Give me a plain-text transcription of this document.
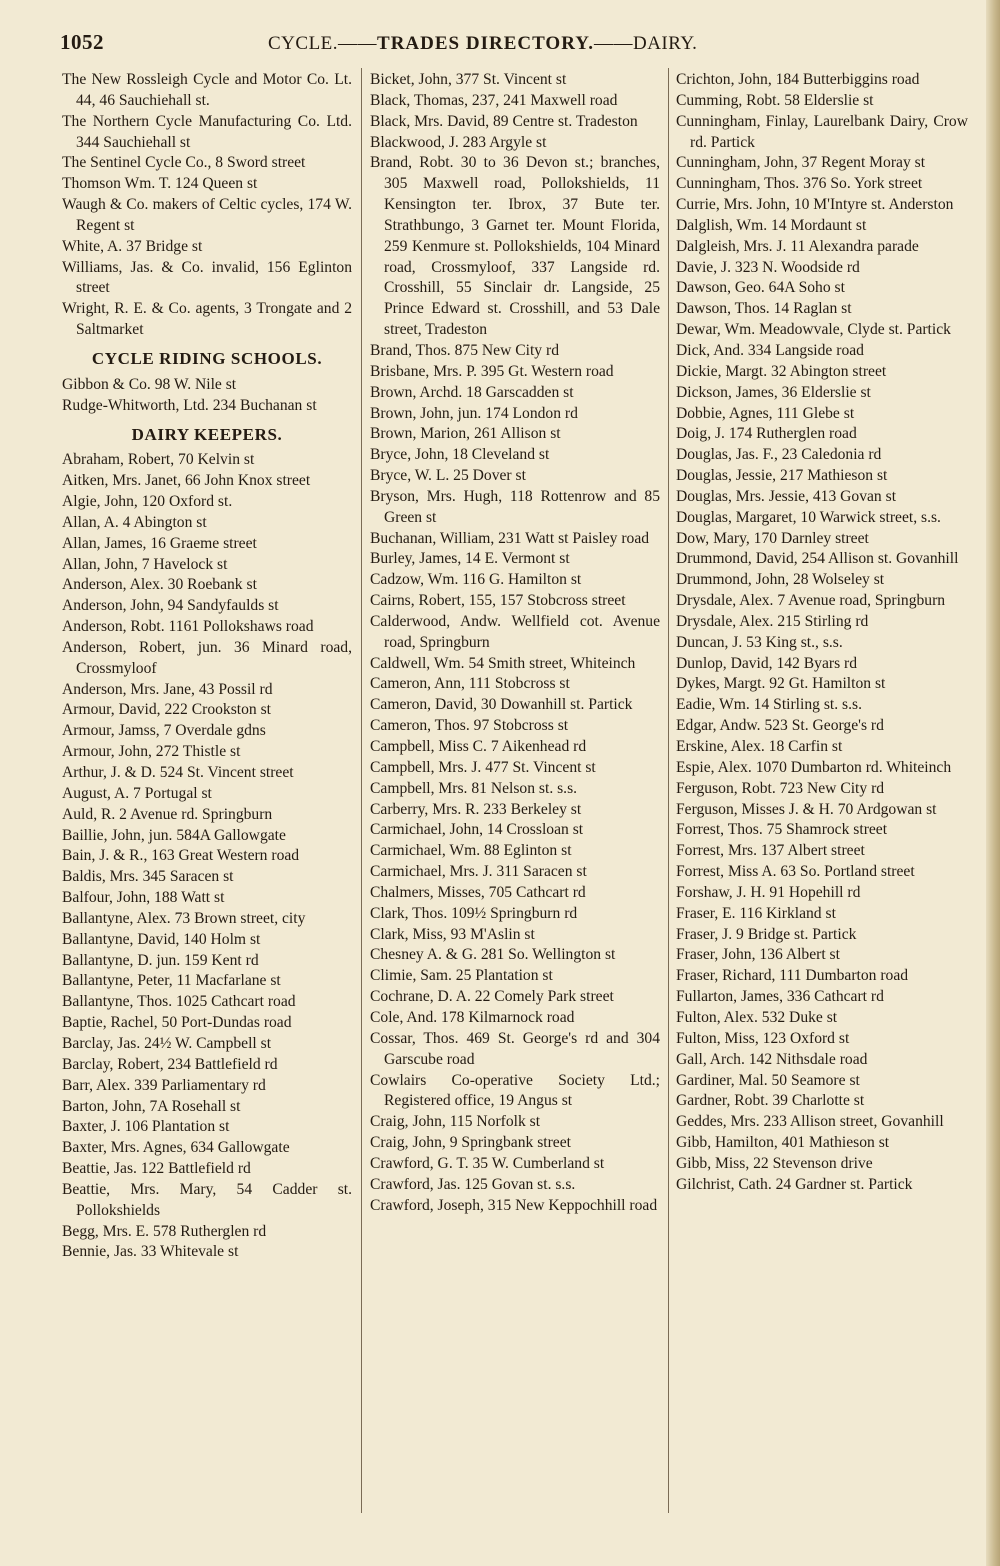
1052	CYCLE.——TRADES DIRECTORY.——DAIRY.
The New Rossleigh Cycle and Motor Co. Lt. 44, 46 Sauchiehall st.
The Northern Cycle Manufacturing Co. Ltd. 344 Sauchiehall st
The Sentinel Cycle Co., 8 Sword street
Thomson Wm. T. 124 Queen st
Waugh & Co. makers of Celtic cycles, 174 W. Regent st
White, A. 37 Bridge st
Williams, Jas. & Co. invalid, 156 Eglinton street
Wright, R. E. & Co. agents, 3 Trongate and 2 Saltmarket
CYCLE RIDING SCHOOLS.
Gibbon & Co. 98 W. Nile st
Rudge-Whitworth, Ltd. 234 Buchanan st
DAIRY KEEPERS.
Abraham, Robert, 70 Kelvin st
Aitken, Mrs. Janet, 66 John Knox street
Algie, John, 120 Oxford st.
Allan, A. 4 Abington st
Allan, James, 16 Graeme street
Allan, John, 7 Havelock st
Anderson, Alex. 30 Roebank st
Anderson, John, 94 Sandyfaulds st
Anderson, Robt. 1161 Pollokshaws road
Anderson, Robert, jun. 36 Minard road, Crossmyloof
Anderson, Mrs. Jane, 43 Possil rd
Armour, David, 222 Crookston st
Armour, Jamss, 7 Overdale gdns
Armour, John, 272 Thistle st
Arthur, J. & D. 524 St. Vincent street
August, A. 7 Portugal st
Auld, R. 2 Avenue rd. Springburn
Baillie, John, jun. 584A Gallowgate
Bain, J. & R., 163 Great Western road
Baldis, Mrs. 345 Saracen st
Balfour, John, 188 Watt st
Ballantyne, Alex. 73 Brown street, city
Ballantyne, David, 140 Holm st
Ballantyne, D. jun. 159 Kent rd
Ballantyne, Peter, 11 Macfarlane st
Ballantyne, Thos. 1025 Cathcart road
Baptie, Rachel, 50 Port-Dundas road
Barclay, Jas. 24½ W. Campbell st
Barclay, Robert, 234 Battlefield rd
Barr, Alex. 339 Parliamentary rd
Barton, John, 7A Rosehall st
Baxter, J. 106 Plantation st
Baxter, Mrs. Agnes, 634 Gallowgate
Beattie, Jas. 122 Battlefield rd
Beattie, Mrs. Mary, 54 Cadder st. Pollokshields
Begg, Mrs. E. 578 Rutherglen rd
Bennie, Jas. 33 Whitevale st
Bicket, John, 377 St. Vincent st
Black, Thomas, 237, 241 Maxwell road
Black, Mrs. David, 89 Centre st. Tradeston
Blackwood, J. 283 Argyle st
Brand, Robt. 30 to 36 Devon st.; branches, 305 Maxwell road, Pollokshields, 11 Kensington ter. Ibrox, 37 Bute ter. Strathbungo, 3 Garnet ter. Mount Florida, 259 Kenmure st. Pollokshields, 104 Minard road, Crossmyloof, 337 Langside rd. Crosshill, 55 Sinclair dr. Langside, 25 Prince Edward st. Crosshill, and 53 Dale street, Tradeston
Brand, Thos. 875 New City rd
Brisbane, Mrs. P. 395 Gt. Western road
Brown, Archd. 18 Garscadden st
Brown, John, jun. 174 London rd
Brown, Marion, 261 Allison st
Bryce, John, 18 Cleveland st
Bryce, W. L. 25 Dover st
Bryson, Mrs. Hugh, 118 Rottenrow and 85 Green st
Buchanan, William, 231 Watt st Paisley road
Burley, James, 14 E. Vermont st
Cadzow, Wm. 116 G. Hamilton st
Cairns, Robert, 155, 157 Stobcross street
Calderwood, Andw. Wellfield cot. Avenue road, Springburn
Caldwell, Wm. 54 Smith street, Whiteinch
Cameron, Ann, 111 Stobcross st
Cameron, David, 30 Dowanhill st. Partick
Cameron, Thos. 97 Stobcross st
Campbell, Miss C. 7 Aikenhead rd
Campbell, Mrs. J. 477 St. Vincent st
Campbell, Mrs. 81 Nelson st. s.s.
Carberry, Mrs. R. 233 Berkeley st
Carmichael, John, 14 Crossloan st
Carmichael, Wm. 88 Eglinton st
Carmichael, Mrs. J. 311 Saracen st
Chalmers, Misses, 705 Cathcart rd
Clark, Thos. 109½ Springburn rd
Clark, Miss, 93 M'Aslin st
Chesney A. & G. 281 So. Wellington st
Climie, Sam. 25 Plantation st
Cochrane, D. A. 22 Comely Park street
Cole, And. 178 Kilmarnock road
Cossar, Thos. 469 St. George's rd and 304 Garscube road
Cowlairs Co-operative Society Ltd.; Registered office, 19 Angus st
Craig, John, 115 Norfolk st
Craig, John, 9 Springbank street
Crawford, G. T. 35 W. Cumberland st
Crawford, Jas. 125 Govan st. s.s.
Crawford, Joseph, 315 New Keppochhill road
Crichton, John, 184 Butterbiggins road
Cumming, Robt. 58 Elderslie st
Cunningham, Finlay, Laurelbank Dairy, Crow rd. Partick
Cunningham, John, 37 Regent Moray st
Cunningham, Thos. 376 So. York street
Currie, Mrs. John, 10 M'Intyre st. Anderston
Dalglish, Wm. 14 Mordaunt st
Dalgleish, Mrs. J. 11 Alexandra parade
Davie, J. 323 N. Woodside rd
Dawson, Geo. 64A Soho st
Dawson, Thos. 14 Raglan st
Dewar, Wm. Meadowvale, Clyde st. Partick
Dick, And. 334 Langside road
Dickie, Margt. 32 Abington street
Dickson, James, 36 Elderslie st
Dobbie, Agnes, 111 Glebe st
Doig, J. 174 Rutherglen road
Douglas, Jas. F., 23 Caledonia rd
Douglas, Jessie, 217 Mathieson st
Douglas, Mrs. Jessie, 413 Govan st
Douglas, Margaret, 10 Warwick street, s.s.
Dow, Mary, 170 Darnley street
Drummond, David, 254 Allison st. Govanhill
Drummond, John, 28 Wolseley st
Drysdale, Alex. 7 Avenue road, Springburn
Drysdale, Alex. 215 Stirling rd
Duncan, J. 53 King st., s.s.
Dunlop, David, 142 Byars rd
Dykes, Margt. 92 Gt. Hamilton st
Eadie, Wm. 14 Stirling st. s.s.
Edgar, Andw. 523 St. George's rd
Erskine, Alex. 18 Carfin st
Espie, Alex. 1070 Dumbarton rd. Whiteinch
Ferguson, Robt. 723 New City rd
Ferguson, Misses J. & H. 70 Ardgowan st
Forrest, Thos. 75 Shamrock street
Forrest, Mrs. 137 Albert street
Forrest, Miss A. 63 So. Portland street
Forshaw, J. H. 91 Hopehill rd
Fraser, E. 116 Kirkland st
Fraser, J. 9 Bridge st. Partick
Fraser, John, 136 Albert st
Fraser, Richard, 111 Dumbarton road
Fullarton, James, 336 Cathcart rd
Fulton, Alex. 532 Duke st
Fulton, Miss, 123 Oxford st
Gall, Arch. 142 Nithsdale road
Gardiner, Mal. 50 Seamore st
Gardner, Robt. 39 Charlotte st
Geddes, Mrs. 233 Allison street, Govanhill
Gibb, Hamilton, 401 Mathieson st
Gibb, Miss, 22 Stevenson drive
Gilchrist, Cath. 24 Gardner st. Partick
